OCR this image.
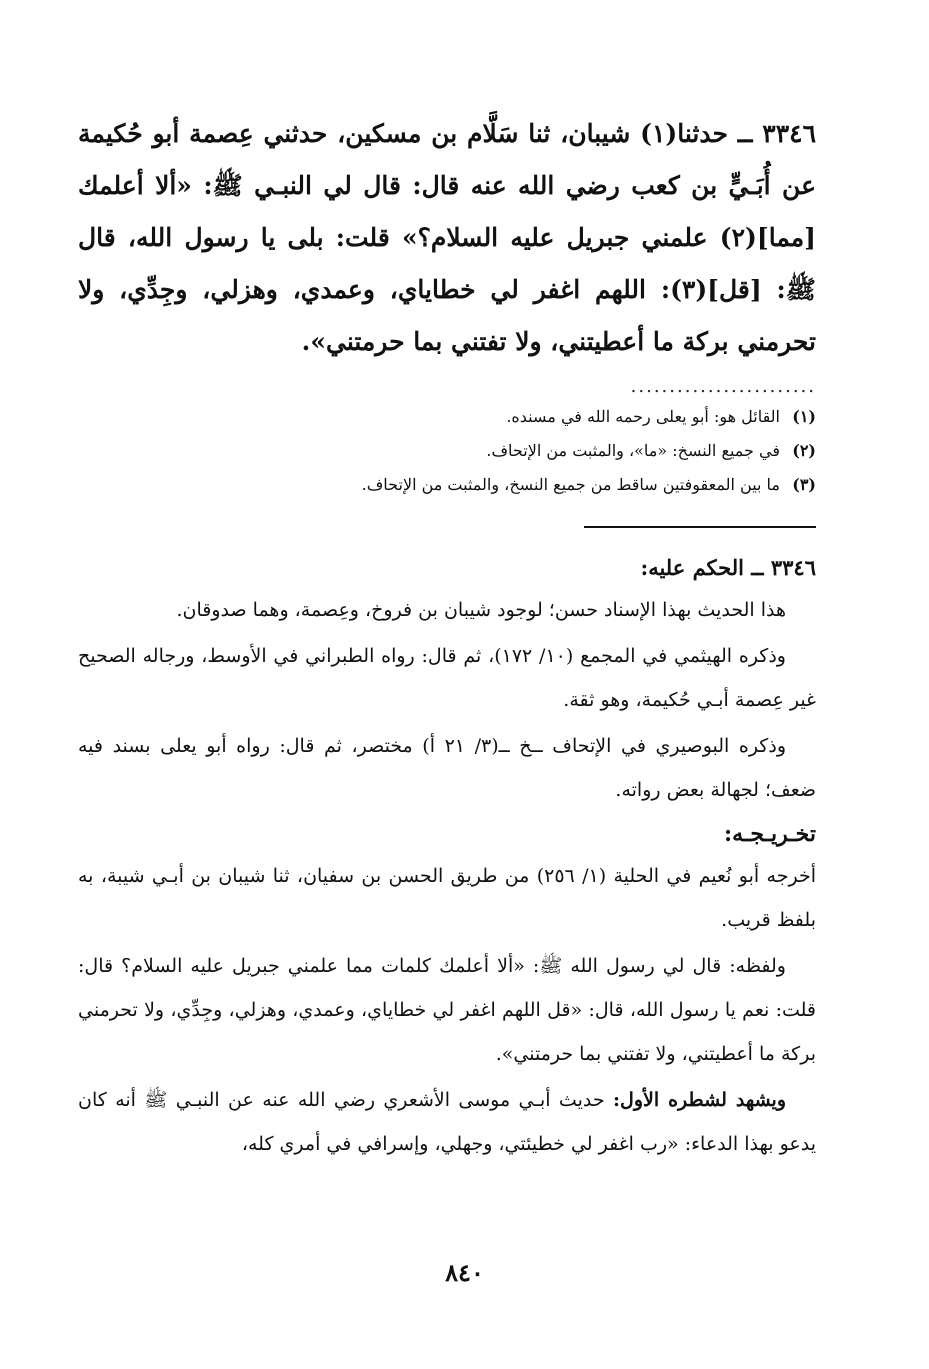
٣٣٤٦ ــ حدثنا(١) شيبان، ثنا سَلَّام بن مسكين، حدثني عِصمة أبو حُكيمة عن أُبَـيٍّ بن كعب رضي الله عنه قال: قال لي النبـي ﷺ: «ألا أعلمك [مما](٢) علمني جبريل عليه السلام؟» قلت: بلى يا رسول الله، قال ﷺ: [قل](٣): اللهم اغفر لي خطاياي، وعمدي، وهزلي، وجِدِّي، ولا تحرمني بركة ما أعطيتني، ولا تفتني بما حرمتني».

........................
(١)
القائل هو: أبو يعلى رحمه الله في مسنده.
(٢)
في جميع النسخ: «ما»، والمثبت من الإتحاف.
(٣)
ما بين المعقوفتين ساقط من جميع النسخ، والمثبت من الإتحاف.
٣٣٤٦ ــ الحكم عليه:

هذا الحديث بهذا الإسناد حسن؛ لوجود شيبان بن فروخ، وعِصمة، وهما صدوقان.

وذكره الهيثمي في المجمع (١٠/ ١٧٢)، ثم قال: رواه الطبراني في الأوسط، ورجاله الصحيح غير عِصمة أبـي حُكيمة، وهو ثقة.

وذكره البوصيري في الإتحاف ــخ ــ(٣/ ٢١ أ) مختصر، ثم قال: رواه أبو يعلى بسند فيه ضعف؛ لجهالة بعض رواته.

تخـريـجـه:

أخرجه أبو نُعيم في الحلية (١/ ٢٥٦) من طريق الحسن بن سفيان، ثنا شيبان بن أبـي شيبة، به بلفظ قريب.

ولفظه: قال لي رسول الله ﷺ: «ألا أعلمك كلمات مما علمني جبريل عليه السلام؟ قال: قلت: نعم يا رسول الله، قال: «قل اللهم اغفر لي خطاياي، وعمدي، وهزلي، وجِدِّي، ولا تحرمني بركة ما أعطيتني، ولا تفتني بما حرمتني».

ويشهد لشطره الأول: حديث أبـي موسى الأشعري رضي الله عنه عن النبـي ﷺ أنه كان يدعو بهذا الدعاء: «رب اغفر لي خطيئتي، وجهلي، وإسرافي في أمري كله،

٨٤٠
